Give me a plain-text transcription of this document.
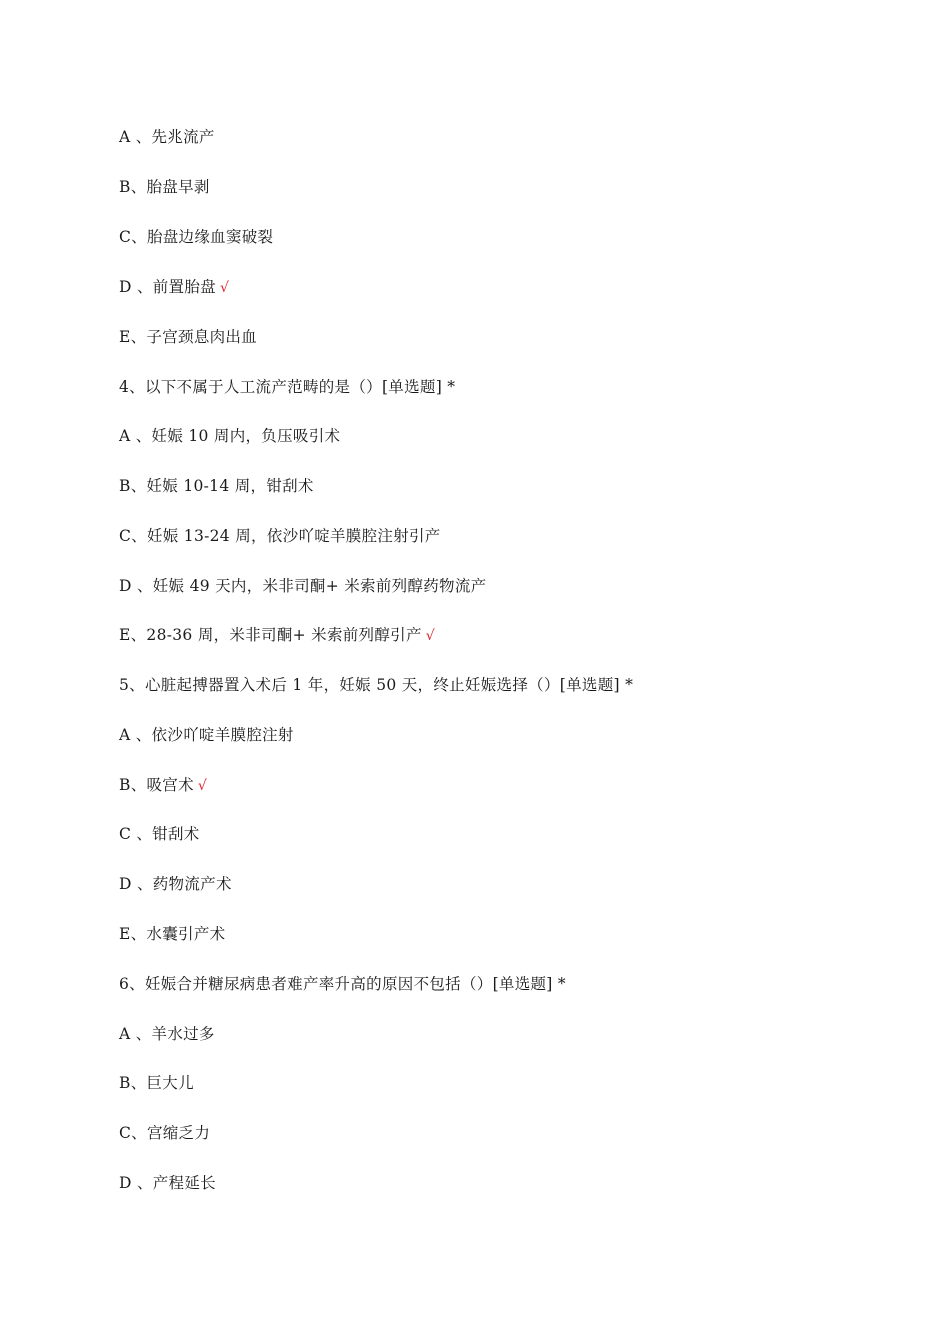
A 、先兆流产
B、胎盘早剥
C、胎盘边缘血窦破裂
D 、前置胎盘 √
E、子宫颈息肉出血
4、以下不属于人工流产范畴的是（）[单选题] *
A 、妊娠 10 周内，负压吸引术
B、妊娠 10-14 周，钳刮术
C、妊娠 13-24 周，依沙吖啶羊膜腔注射引产
D 、妊娠 49 天内，米非司酮+ 米索前列醇药物流产
E、28-36 周，米非司酮+ 米索前列醇引产 √
5、心脏起搏器置入术后 1 年，妊娠 50 天，终止妊娠选择（）[单选题] *
A 、依沙吖啶羊膜腔注射
B、吸宫术 √
C 、钳刮术
D 、药物流产术
E、水囊引产术
6、妊娠合并糖尿病患者难产率升高的原因不包括（）[单选题] *
A 、羊水过多
B、巨大儿
C、宫缩乏力
D 、产程延长
